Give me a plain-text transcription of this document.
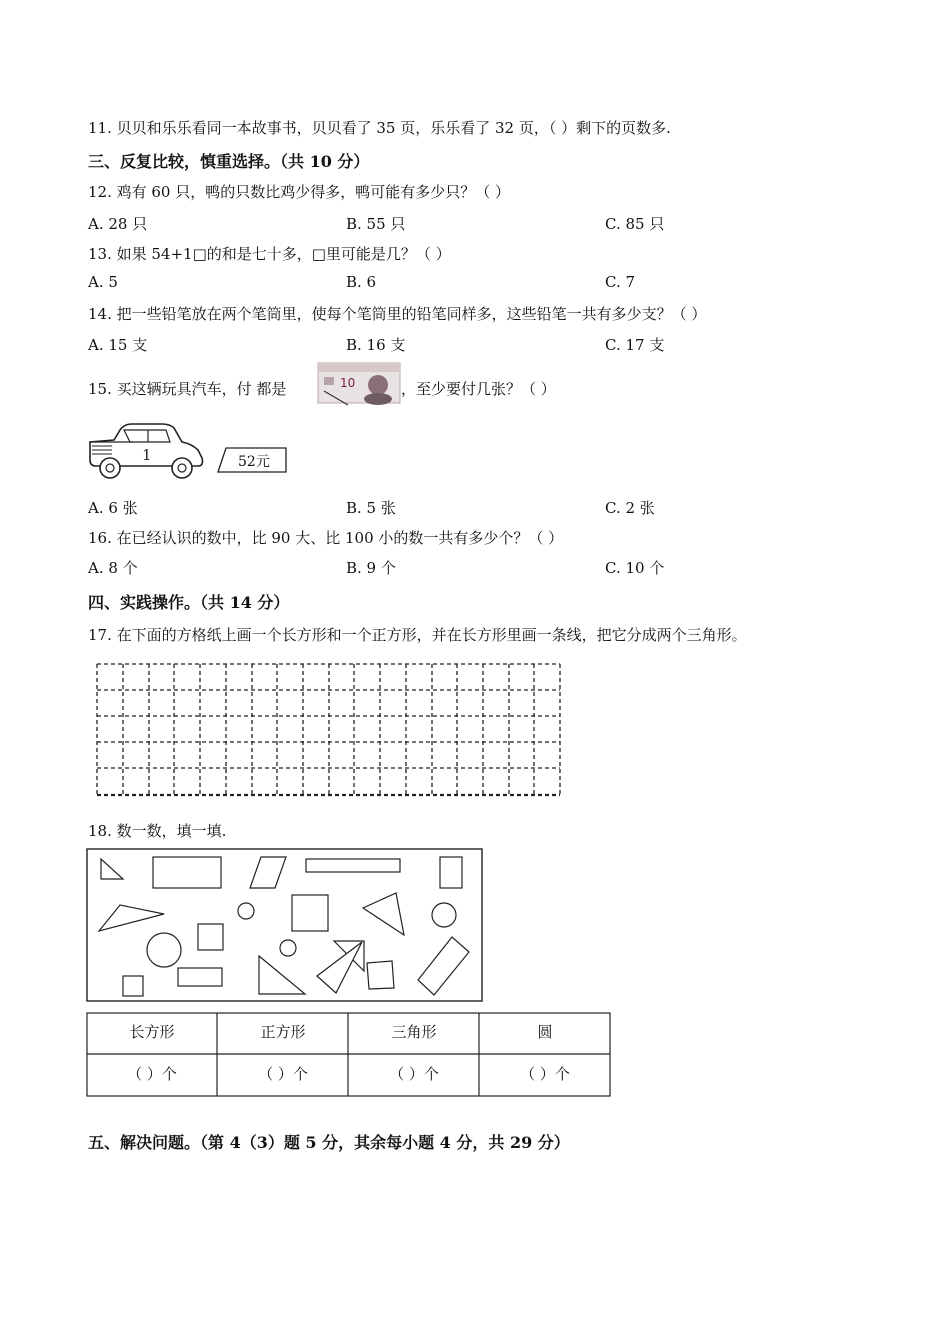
11. 贝贝和乐乐看同一本故事书，贝贝看了 35 页，乐乐看了 32 页，（ ）剩下的页数多.
三、反复比较，慎重选择。（共 10 分）
12. 鸡有 60 只，鸭的只数比鸡少得多，鸭可能有多少只？（ ）
A. 28 只	B. 55 只	C. 85 只
13. 如果 54+1□的和是七十多，□里可能是几？（ ）
A. 5	B. 6	C. 7
14. 把一些铅笔放在两个笔筒里，使每个笔筒里的铅笔同样多，这些铅笔一共有多少支？（ ）
A. 15 支	B. 16 支	C. 17 支
15. 买这辆玩具汽车，付 都是	10	，至少要付几张？（ ）
1	52元
A. 6 张	B. 5 张	C. 2 张
16. 在已经认识的数中，比 90 大、比 100 小的数一共有多少个？（ ）
A. 8 个	B. 9 个	C. 10 个
四、实践操作。（共 14 分）
17. 在下面的方格纸上画一个长方形和一个正方形，并在长方形里画一条线，把它分成两个三角形。
18. 数一数，填一填.
长方形	正方形	三角形	圆
（ ）个	（ ）个	（ ）个	（ ）个
五、解决问题。（第 4（3）题 5 分，其余每小题 4 分，共 29 分）
